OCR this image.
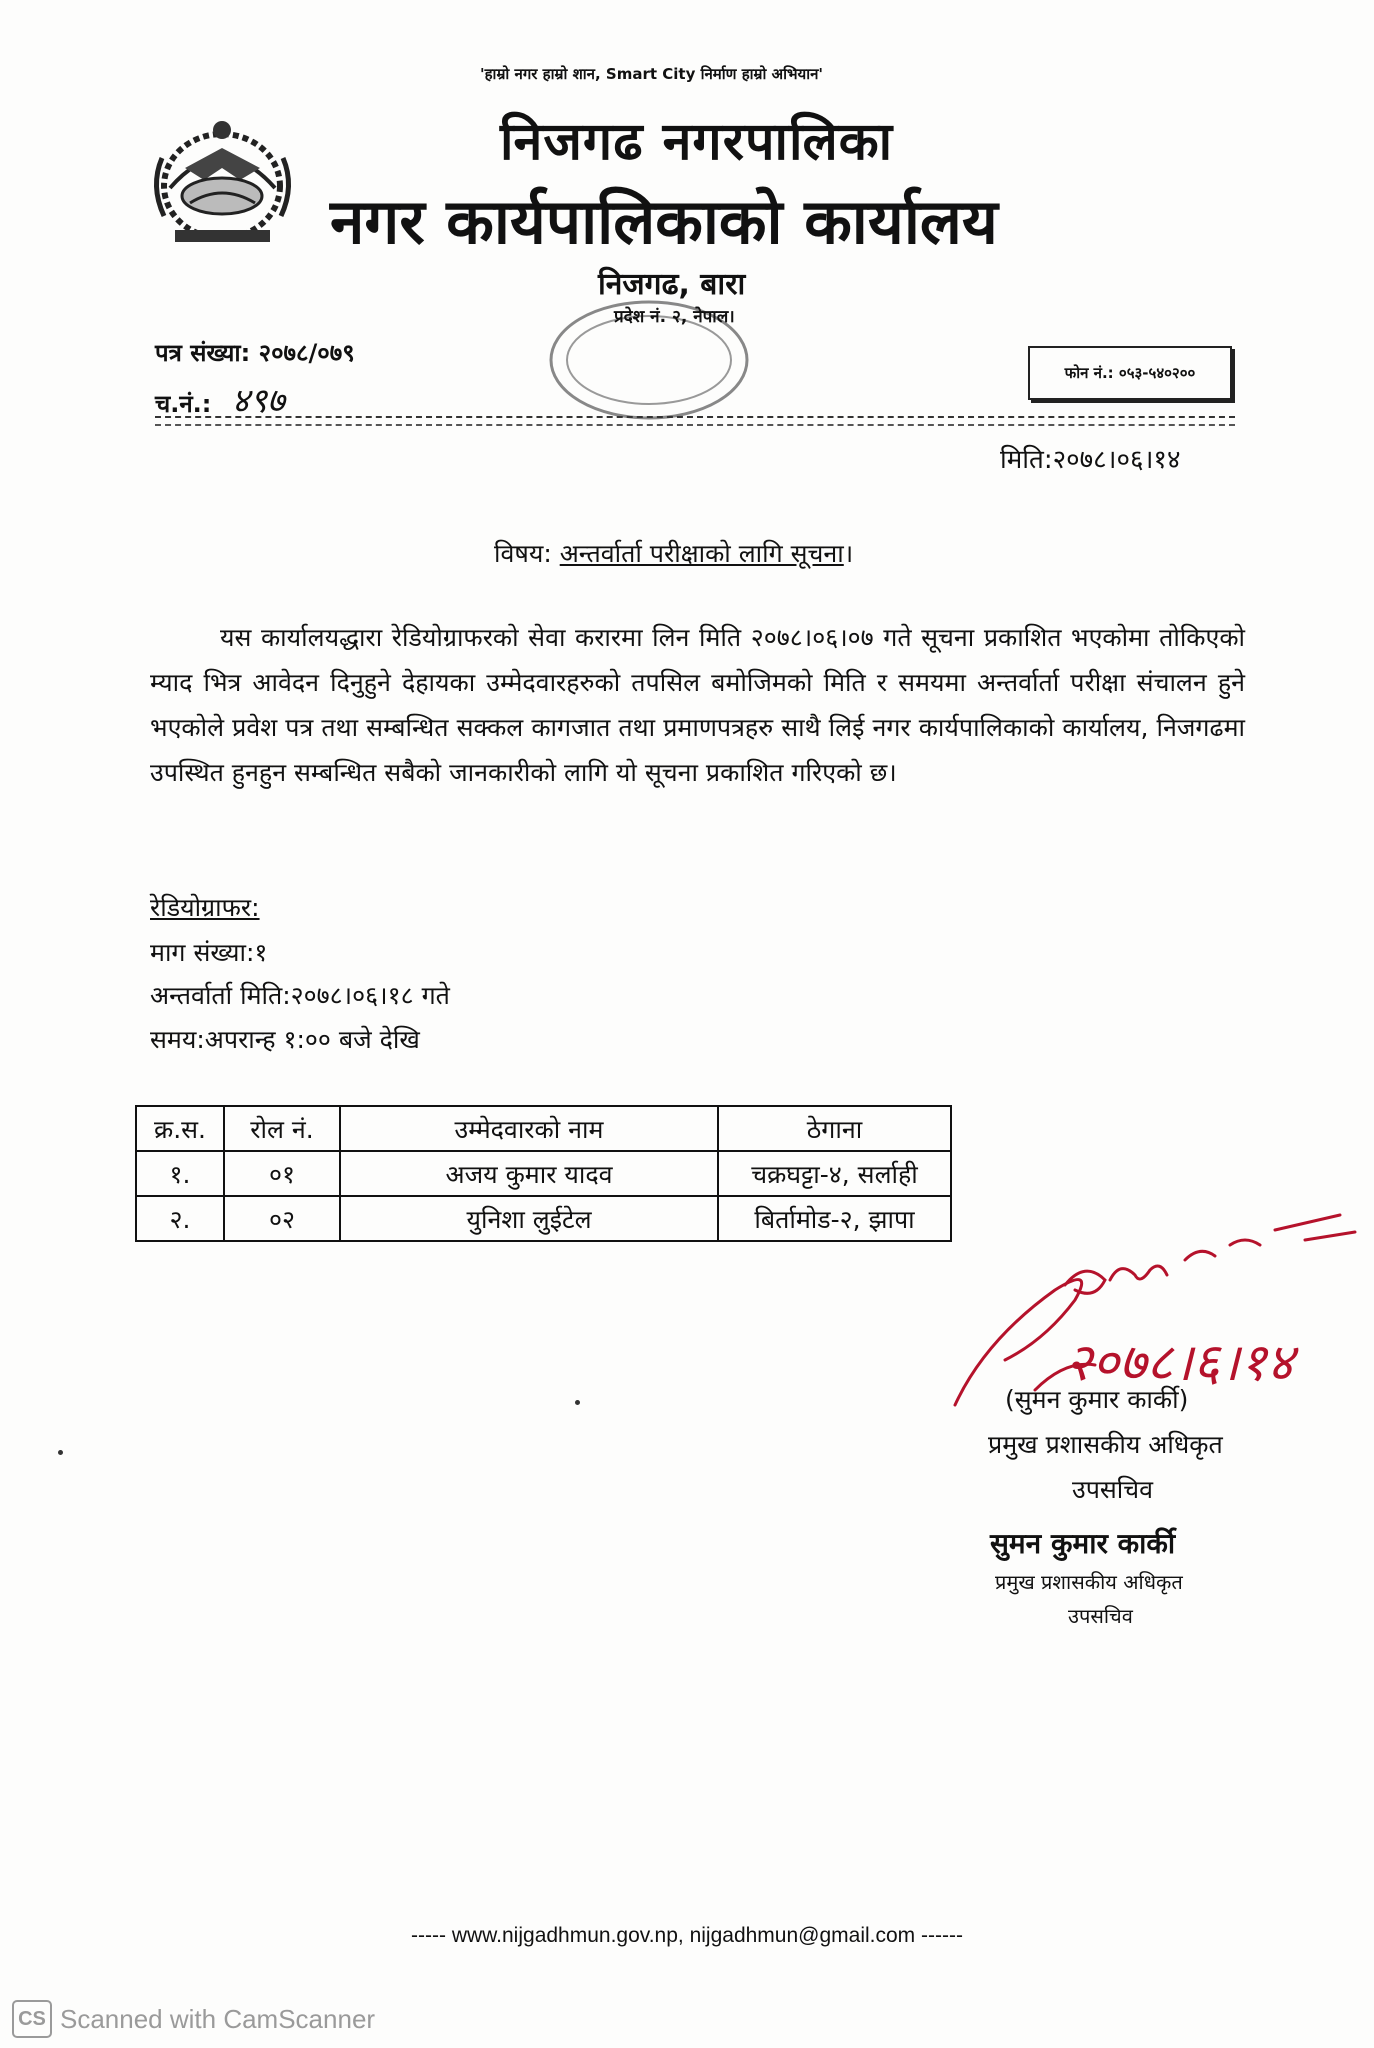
'हाम्रो नगर हाम्रो शान, Smart City निर्माण हाम्रो अभियान'
निजगढ नगरपालिका
नगर कार्यपालिकाको कार्यालय
निजगढ, बारा
प्रदेश नं. २, नेपाल।
पत्र संख्या: २०७८/०७९
च.नं.: ४९७
फोन नं.: ०५३-५४०२००
मिति:२०७८।०६।१४
विषय: अन्तर्वार्ता परीक्षाको लागि सूचना।
यस कार्यालयद्धारा रेडियोग्राफरको सेवा करारमा लिन मिति २०७८।०६।०७ गते सूचना प्रकाशित भएकोमा तोकिएको म्याद भित्र आवेदन दिनुहुने देहायका उम्मेदवारहरुको तपसिल बमोजिमको मिति र समयमा अन्तर्वार्ता परीक्षा संचालन हुने भएकोले प्रवेश पत्र तथा सम्बन्धित सक्कल कागजात तथा प्रमाणपत्रहरु साथै लिई नगर कार्यपालिकाको कार्यालय, निजगढमा उपस्थित हुनहुन सम्बन्धित सबैको जानकारीको लागि यो सूचना प्रकाशित गरिएको छ।
रेडियोग्राफर:
माग संख्या:१
अन्तर्वार्ता मिति:२०७८।०६।१८ गते
समय:अपरान्ह १:०० बजे देखि
क्र.स.	रोल नं.	उम्मेदवारको नाम	ठेगाना
१.	०१	अजय कुमार यादव	चक्रघट्टा-४, सर्लाही
२.	०२	युनिशा लुईटेल	बिर्तामोड-२, झापा
२०७८।६।१४
(सुमन कुमार कार्की)
प्रमुख प्रशासकीय अधिकृत
उपसचिव
सुमन कुमार कार्की
प्रमुख प्रशासकीय अधिकृत
उपसचिव
----- www.nijgadhmun.gov.np, nijgadhmun@gmail.com ------
CS Scanned with CamScanner
